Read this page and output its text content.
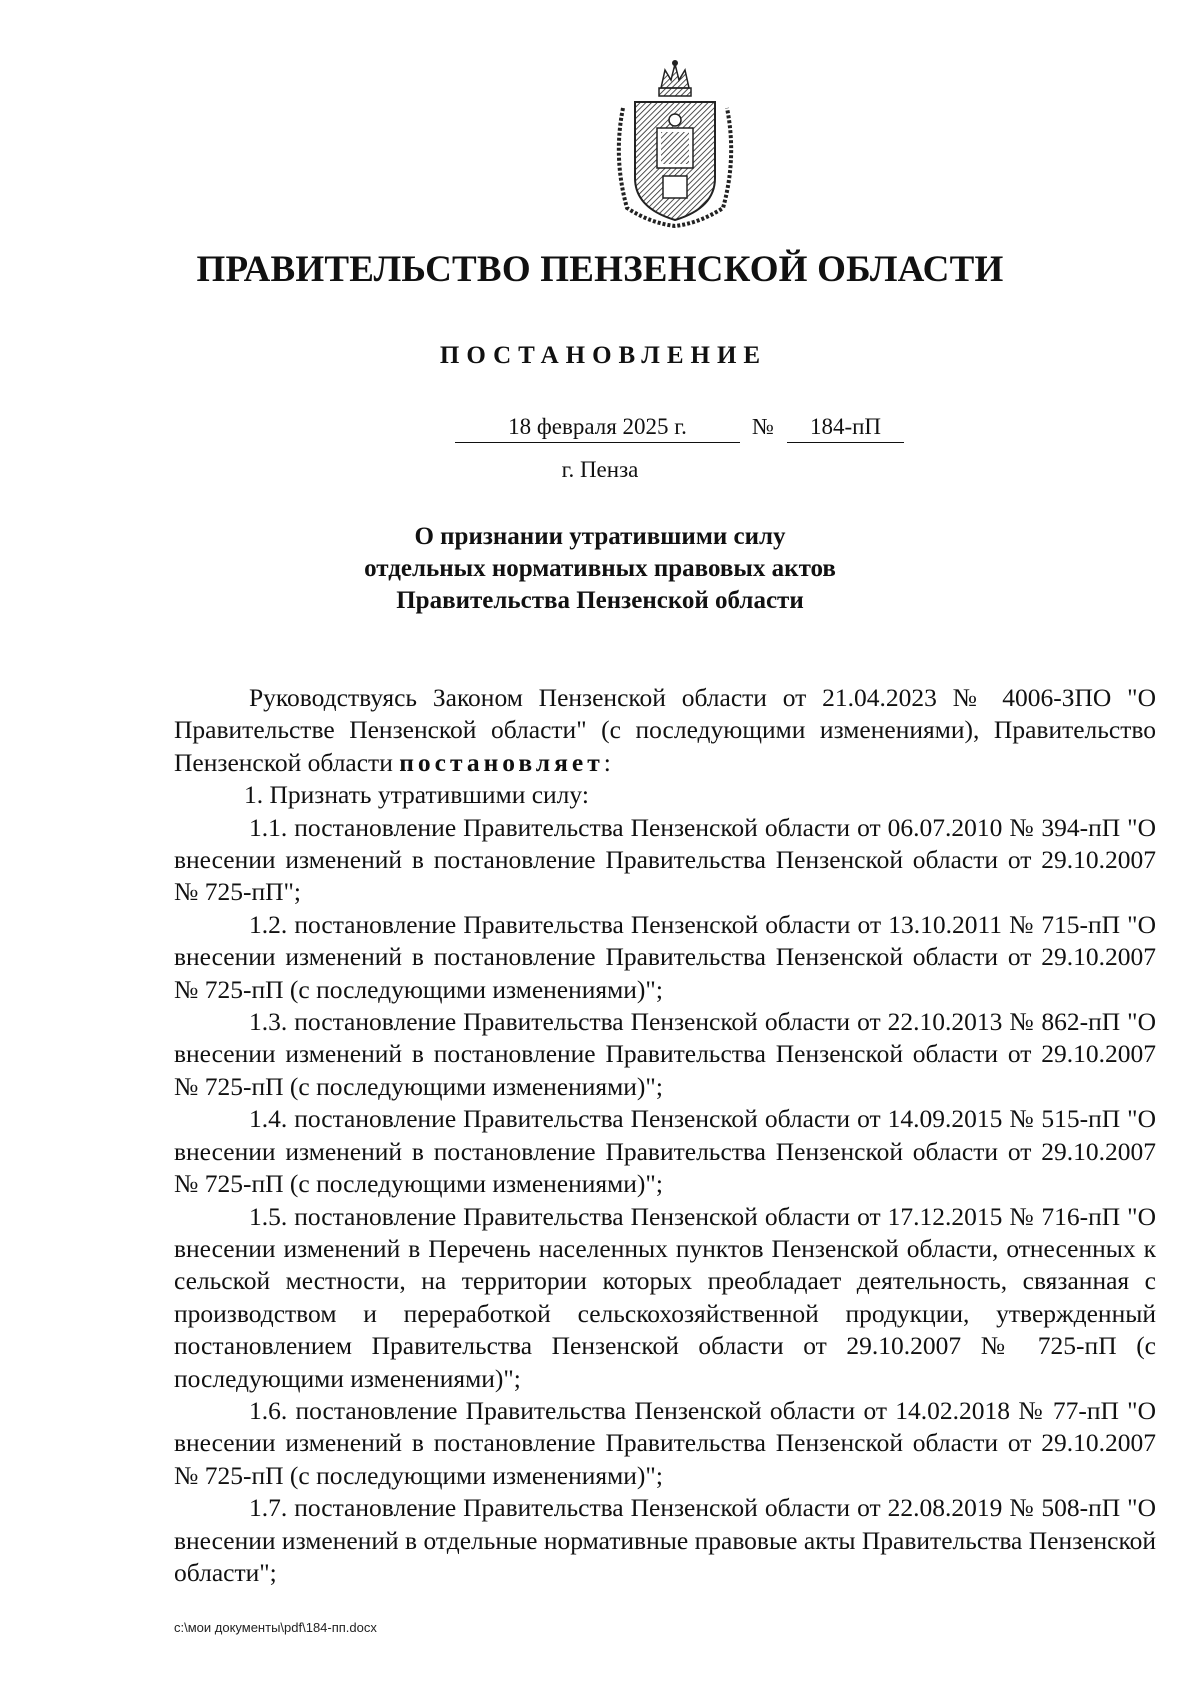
ПРАВИТЕЛЬСТВО ПЕНЗЕНСКОЙ ОБЛАСТИ
ПОСТАНОВЛЕНИЕ
18 февраля 2025 г.	№	184-пП
г. Пенза
О признании утратившими силу
отдельных нормативных правовых актов
Правительства Пензенской области

Руководствуясь Законом Пензенской области от 21.04.2023 № 4006-ЗПО "О Правительстве Пензенской области" (с последующими изменениями), Правительство Пензенской области постановляет:

1. Признать утратившими силу:

1.1. постановление Правительства Пензенской области от 06.07.2010 № 394-пП "О внесении изменений в постановление Правительства Пензенской области от 29.10.2007 № 725-пП";

1.2. постановление Правительства Пензенской области от 13.10.2011 № 715-пП "О внесении изменений в постановление Правительства Пензенской области от 29.10.2007 № 725-пП (с последующими изменениями)";

1.3. постановление Правительства Пензенской области от 22.10.2013 № 862-пП "О внесении изменений в постановление Правительства Пензенской области от 29.10.2007 № 725-пП (с последующими изменениями)";

1.4. постановление Правительства Пензенской области от 14.09.2015 № 515-пП "О внесении изменений в постановление Правительства Пензенской области от 29.10.2007 № 725-пП (с последующими изменениями)";

1.5. постановление Правительства Пензенской области от 17.12.2015 № 716-пП "О внесении изменений в Перечень населенных пунктов Пензенской области, отнесенных к сельской местности, на территории которых преобладает деятельность, связанная с производством и переработкой сельскохозяйственной продукции, утвержденный постановлением Правительства Пензенской области от 29.10.2007 № 725-пП (с последующими изменениями)";

1.6. постановление Правительства Пензенской области от 14.02.2018 № 77-пП "О внесении изменений в постановление Правительства Пензенской области от 29.10.2007 № 725-пП (с последующими изменениями)";

1.7. постановление Правительства Пензенской области от 22.08.2019 № 508-пП "О внесении изменений в отдельные нормативные правовые акты Правительства Пензенской области";

c:\мои документы\pdf\184-пп.docx
